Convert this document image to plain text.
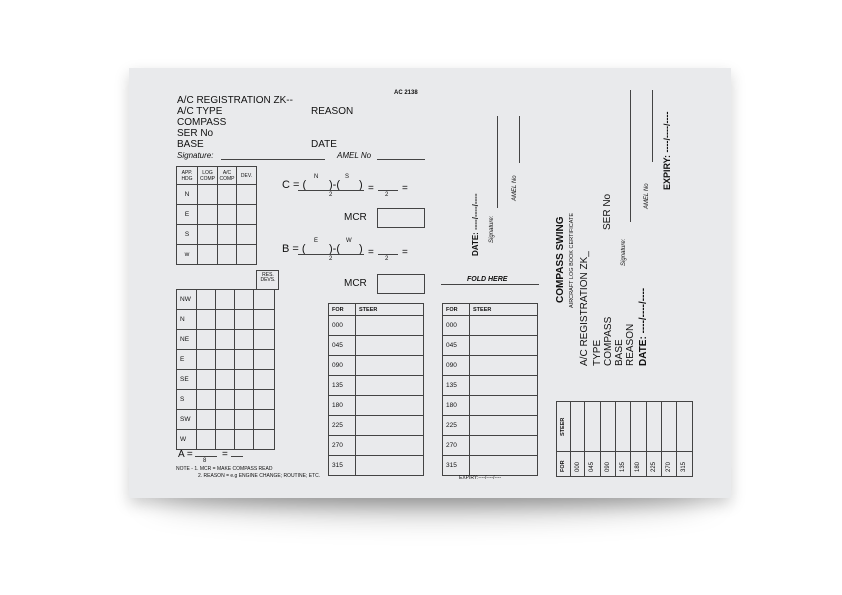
AC 2138
A/C REGISTRATION ZK--
A/C TYPE	REASON
COMPASS
SER No
BASE	DATE
Signature:	AMEL No
APP. HDG	LOG COMP	A/C COMP	DEV.
N			
E			
S			
w			
C = (
N	S
)-( )
2
=
2
=
MCR
B = (
E	W
)-( )
2
=
2
=
MCR
RES. DEVS.
NW				
N				
NE				
E				
SE				
S				
SW				
W				
A =
8
=
NOTE - 1. MCR = MAKE COMPASS READ
2. REASON = e.g ENGINE CHANGE; ROUTINE; ETC.
FOR	STEER
000	
045	
090	
135	
180	
225	
270	
315	
FOLD HERE
FOR	STEER
000	
045	
090	
135	
180	
225	
270	
315	
EXPIRY:----/----/----
DATE: ----/----/---- Signature:
AMEL No
COMPASS SWING AIRCRAFT LOG BOOK CERTIFICATE A/C REGISTRATION ZK_ TYPE COMPASS
SER No
BASE REASON DATE: ----/----/----
Signature:
AMEL No
EXPIRY: ----/----/----
STEER								

FOR	000	045	090	135	180	225	270	315
